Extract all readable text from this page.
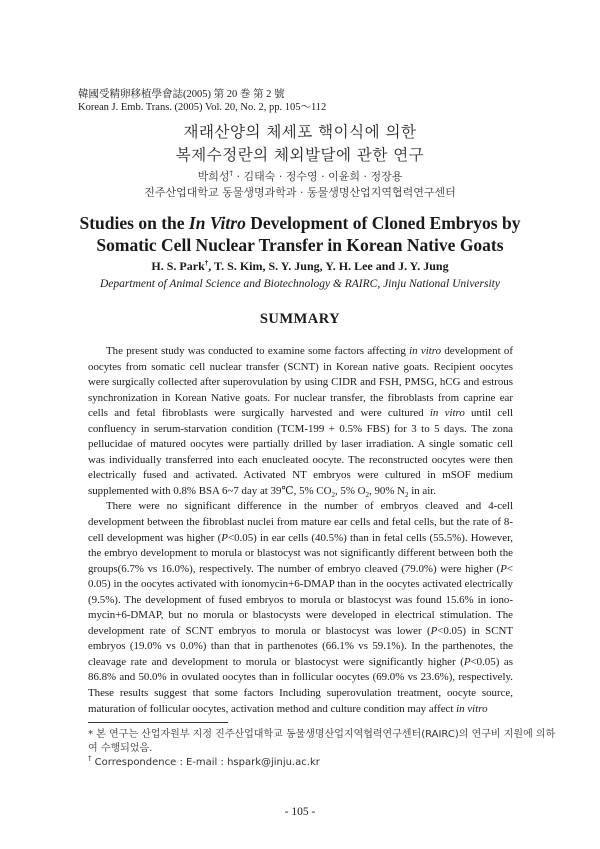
韓國受精卵移植學會誌(2005) 第 20 巻 第 2 號
Korean J. Emb. Trans. (2005) Vol. 20, No. 2, pp. 105～112
재래산양의 체세포 핵이식에 의한
복제수정란의 체외발달에 관한 연구
박희성† · 김태숙 · 정수영 · 이윤희 · 정장용
진주산업대학교 동물생명과학과 · 동물생명산업지역협력연구센터
Studies on the In Vitro Development of Cloned Embryos by
Somatic Cell Nuclear Transfer in Korean Native Goats
H. S. Park†, T. S. Kim, S. Y. Jung, Y. H. Lee and J. Y. Jung
Department of Animal Science and Biotechnology & RAIRC, Jinju National University
SUMMARY

The present study was conducted to examine some factors affecting in vitro development of oocytes from somatic cell nuclear transfer (SCNT) in Korean native goats. Recipient oocytes were surgically collected after superovulation by using CIDR and FSH, PMSG, hCG and estrous synchronization in Korean Native goats. For nuclear transfer, the fibroblasts from caprine ear cells and fetal fibroblasts were surgically harvested and were cultured in vitro until cell confluency in serum-starvation condition (TCM-199 + 0.5% FBS) for 3 to 5 days. The zona pellucidae of matured oocytes were partially drilled by laser irradiation. A single somatic cell was individually transferred into each enucleated oocyte. The reconstructed oocytes were then electrically fused and activated. Activated NT embryos were cultured in mSOF medium supplemented with 0.8% BSA 6~7 day at 39℃, 5% $CO_2$, 5% $O_2$, 90% $N_2$ in air.

There were no significant difference in the number of embryos cleaved and 4-cell development between the fibroblast nuclei from mature ear cells and fetal cells, but the rate of 8-cell development was higher (P<0.05) in ear cells (40.5%) than in fetal cells (55.5%). However, the embryo development to morula or blastocyst was not significantly different between both the groups(6.7% vs 16.0%), respectively. The number of embryo cleaved (79.0%) were higher (P< 0.05) in the oocytes activated with ionomycin+6-DMAP than in the oocytes activated electrically (9.5%). The development of fused embryos to morula or blastocyst was found 15.6% in iono-mycin+6-DMAP, but no morula or blastocysts were developed in electrical stimulation. The development rate of SCNT embryos to morula or blastocyst was lower (P<0.05) in SCNT embryos (19.0% vs 0.0%) than that in parthenotes (66.1% vs 59.1%). In the parthenotes, the cleavage rate and development to morula or blastocyst were significantly higher (P<0.05) as 86.8% and 50.0% in ovulated oocytes than in follicular oocytes (69.0% vs 23.6%), respectively. These results suggest that some factors Including superovulation treatment, oocyte source, maturation of follicular oocytes, activation method and culture condition may affect in vitro

* 본 연구는 산업자원부 지정 진주산업대학교 동물생명산업지역협력연구센터(RAIRC)의 연구비 지원에 의하여 수행되었음.
† Correspondence : E-mail : hspark@jinju.ac.kr
- 105 -
